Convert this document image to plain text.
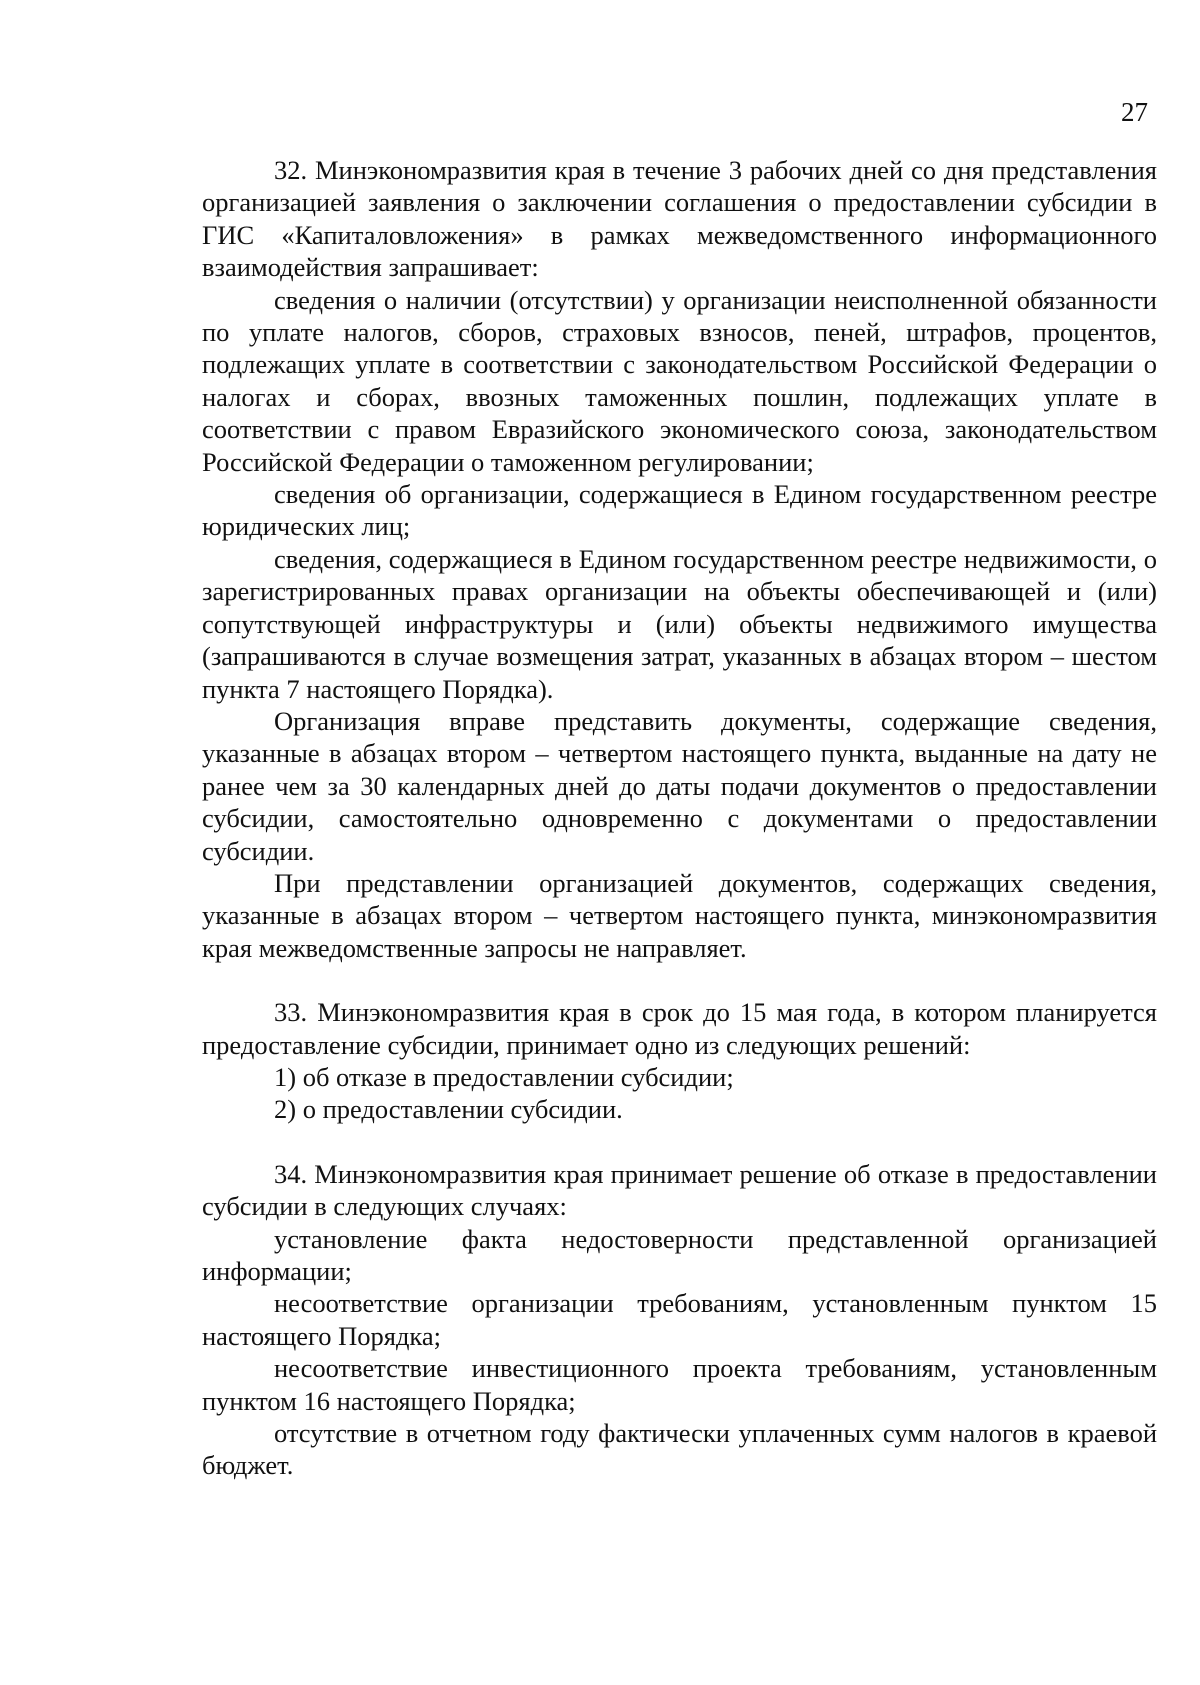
27

32. Минэкономразвития края в течение 3 рабочих дней со дня представления организацией заявления о заключении соглашения о предоставлении субсидии в ГИС «Капиталовложения» в рамках межведомственного информационного взаимодействия запрашивает:

сведения о наличии (отсутствии) у организации неисполненной обязанности по уплате налогов, сборов, страховых взносов, пеней, штрафов, процентов, подлежащих уплате в соответствии с законодательством Российской Федерации о налогах и сборах, ввозных таможенных пошлин, подлежащих уплате в соответствии с правом Евразийского экономического союза, законодательством Российской Федерации о таможенном регулировании;

сведения об организации, содержащиеся в Едином государственном реестре юридических лиц;

сведения, содержащиеся в Едином государственном реестре недвижимости, о зарегистрированных правах организации на объекты обеспечивающей и (или) сопутствующей инфраструктуры и (или) объекты недвижимого имущества (запрашиваются в случае возмещения затрат, указанных в абзацах втором – шестом пункта 7 настоящего Порядка).

Организация вправе представить документы, содержащие сведения, указанные в абзацах втором – четвертом настоящего пункта, выданные на дату не ранее чем за 30 календарных дней до даты подачи документов о предоставлении субсидии, самостоятельно одновременно с документами о предоставлении субсидии.

При представлении организацией документов, содержащих сведения, указанные в абзацах втором – четвертом настоящего пункта, минэкономразвития края межведомственные запросы не направляет.

33. Минэкономразвития края в срок до 15 мая года, в котором планируется предоставление субсидии, принимает одно из следующих решений:

1) об отказе в предоставлении субсидии;

2) о предоставлении субсидии.

34. Минэкономразвития края принимает решение об отказе в предоставлении субсидии в следующих случаях:

установление факта недостоверности представленной организацией информации;

несоответствие организации требованиям, установленным пунктом 15 настоящего Порядка;

несоответствие инвестиционного проекта требованиям, установленным пунктом 16 настоящего Порядка;

отсутствие в отчетном году фактически уплаченных сумм налогов в краевой бюджет.
